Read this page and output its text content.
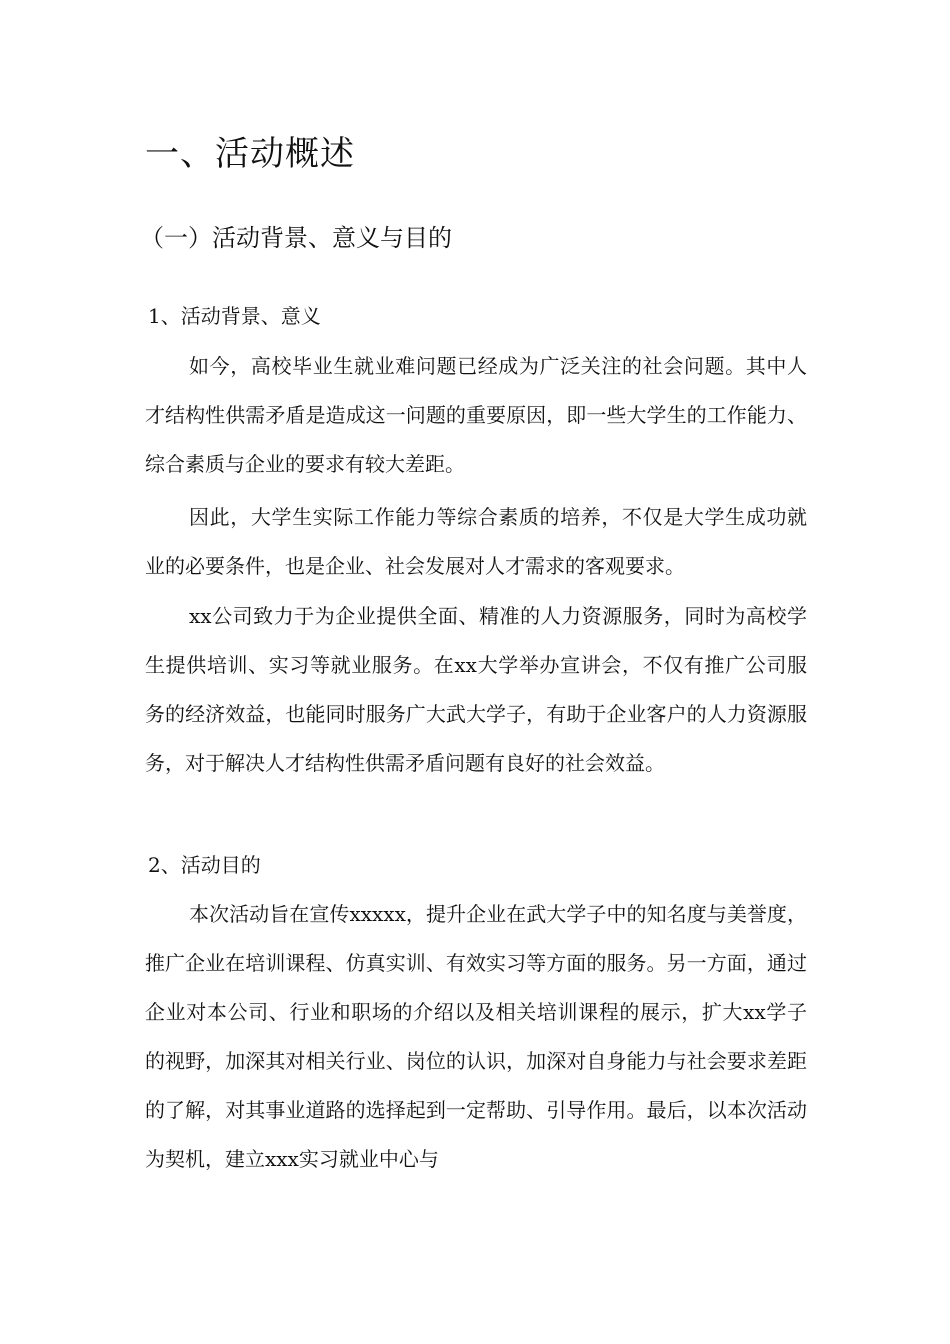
一、活动概述
（一）活动背景、意义与目的
1、活动背景、意义

如今，高校毕业生就业难问题已经成为广泛关注的社会问题。其中人才结构性供需矛盾是造成这一问题的重要原因，即一些大学生的工作能力、综合素质与企业的要求有较大差距。

因此，大学生实际工作能力等综合素质的培养，不仅是大学生成功就业的必要条件，也是企业、社会发展对人才需求的客观要求。

xx公司致力于为企业提供全面、精准的人力资源服务，同时为高校学生提供培训、实习等就业服务。在xx大学举办宣讲会，不仅有推广公司服务的经济效益，也能同时服务广大武大学子，有助于企业客户的人力资源服务，对于解决人才结构性供需矛盾问题有良好的社会效益。

2、活动目的

本次活动旨在宣传xxxxx，提升企业在武大学子中的知名度与美誉度，推广企业在培训课程、仿真实训、有效实习等方面的服务。另一方面，通过企业对本公司、行业和职场的介绍以及相关培训课程的展示，扩大xx学子的视野，加深其对相关行业、岗位的认识，加深对自身能力与社会要求差距的了解，对其事业道路的选择起到一定帮助、引导作用。最后，以本次活动为契机，建立xxx实习就业中心与
